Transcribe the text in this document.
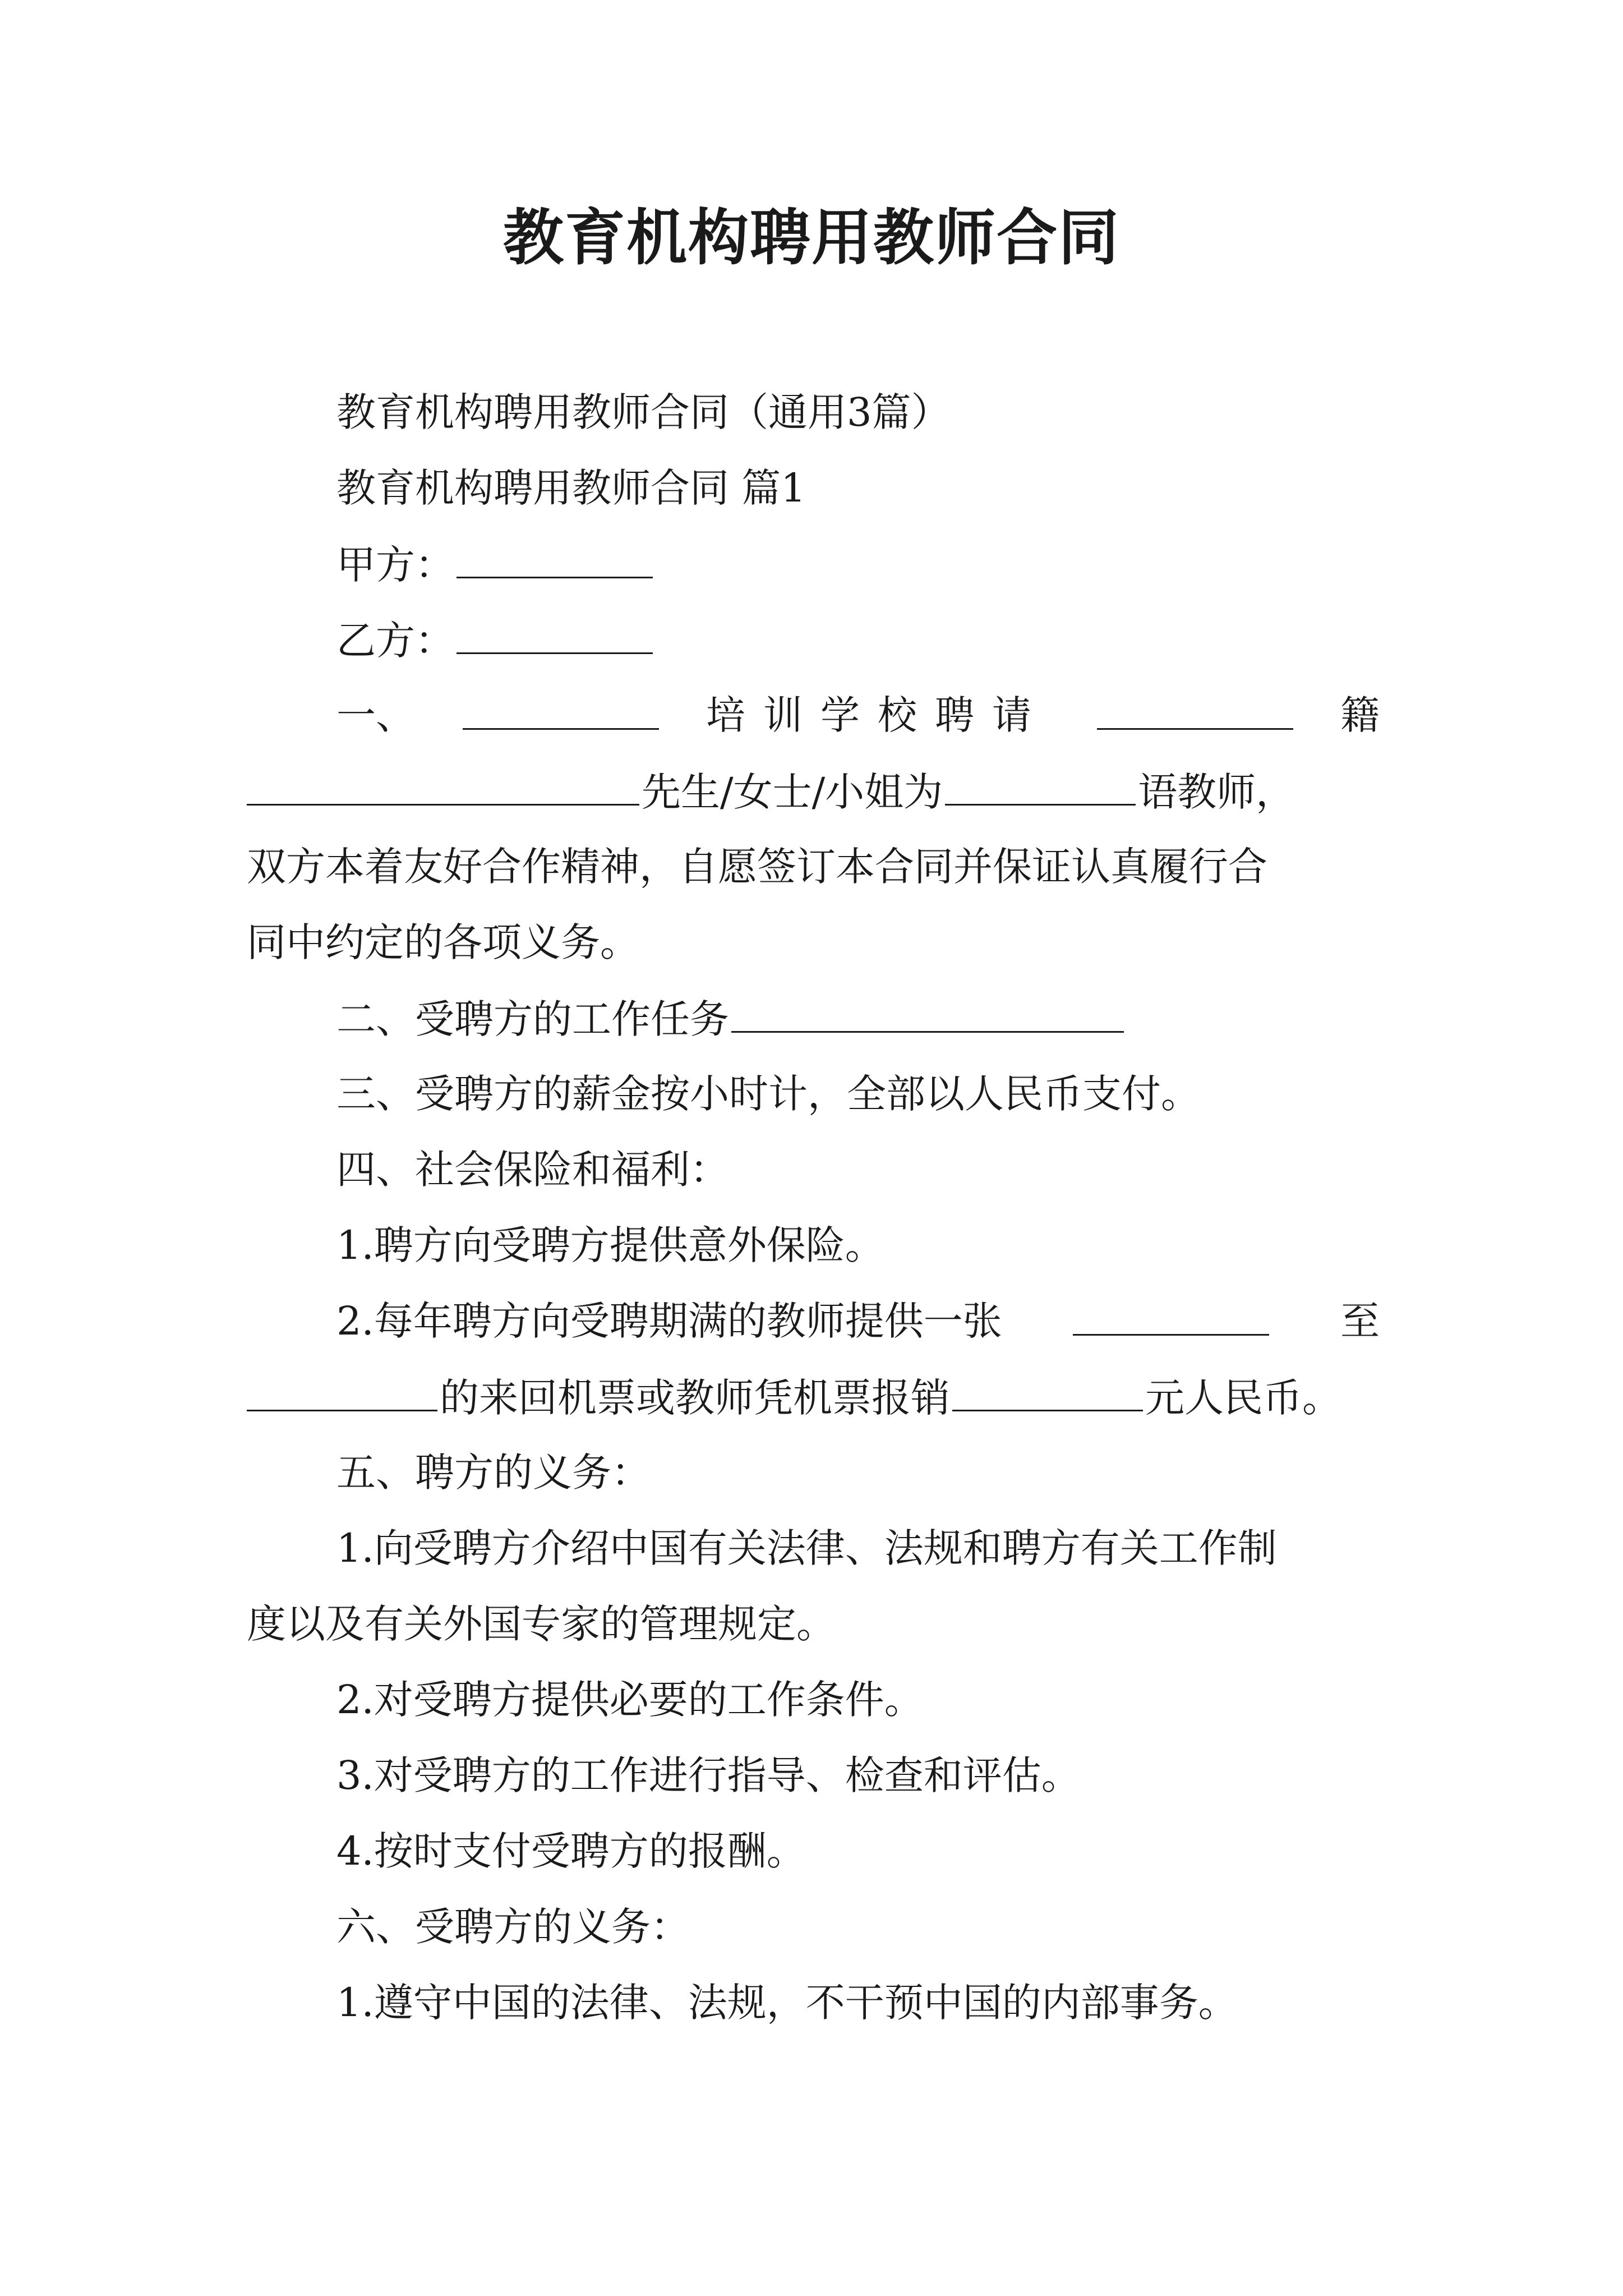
教育机构聘用教师合同
教育机构聘用教师合同（通用3篇）
教育机构聘用教师合同 篇1
甲方：
乙方：
一、	培训学校聘请	籍
先生/女士/小姐为	语教师，
双方本着友好合作精神，自愿签订本合同并保证认真履行合
同中约定的各项义务。
二、受聘方的工作任务
三、受聘方的薪金按小时计，全部以人民币支付。
四、社会保险和福利：
1.聘方向受聘方提供意外保险。
2.每年聘方向受聘期满的教师提供一张	至
的来回机票或教师凭机票报销	元人民币。
五、聘方的义务：
1.向受聘方介绍中国有关法律、法规和聘方有关工作制
度以及有关外国专家的管理规定。
2.对受聘方提供必要的工作条件。
3.对受聘方的工作进行指导、检查和评估。
4.按时支付受聘方的报酬。
六、受聘方的义务：
1.遵守中国的法律、法规，不干预中国的内部事务。
